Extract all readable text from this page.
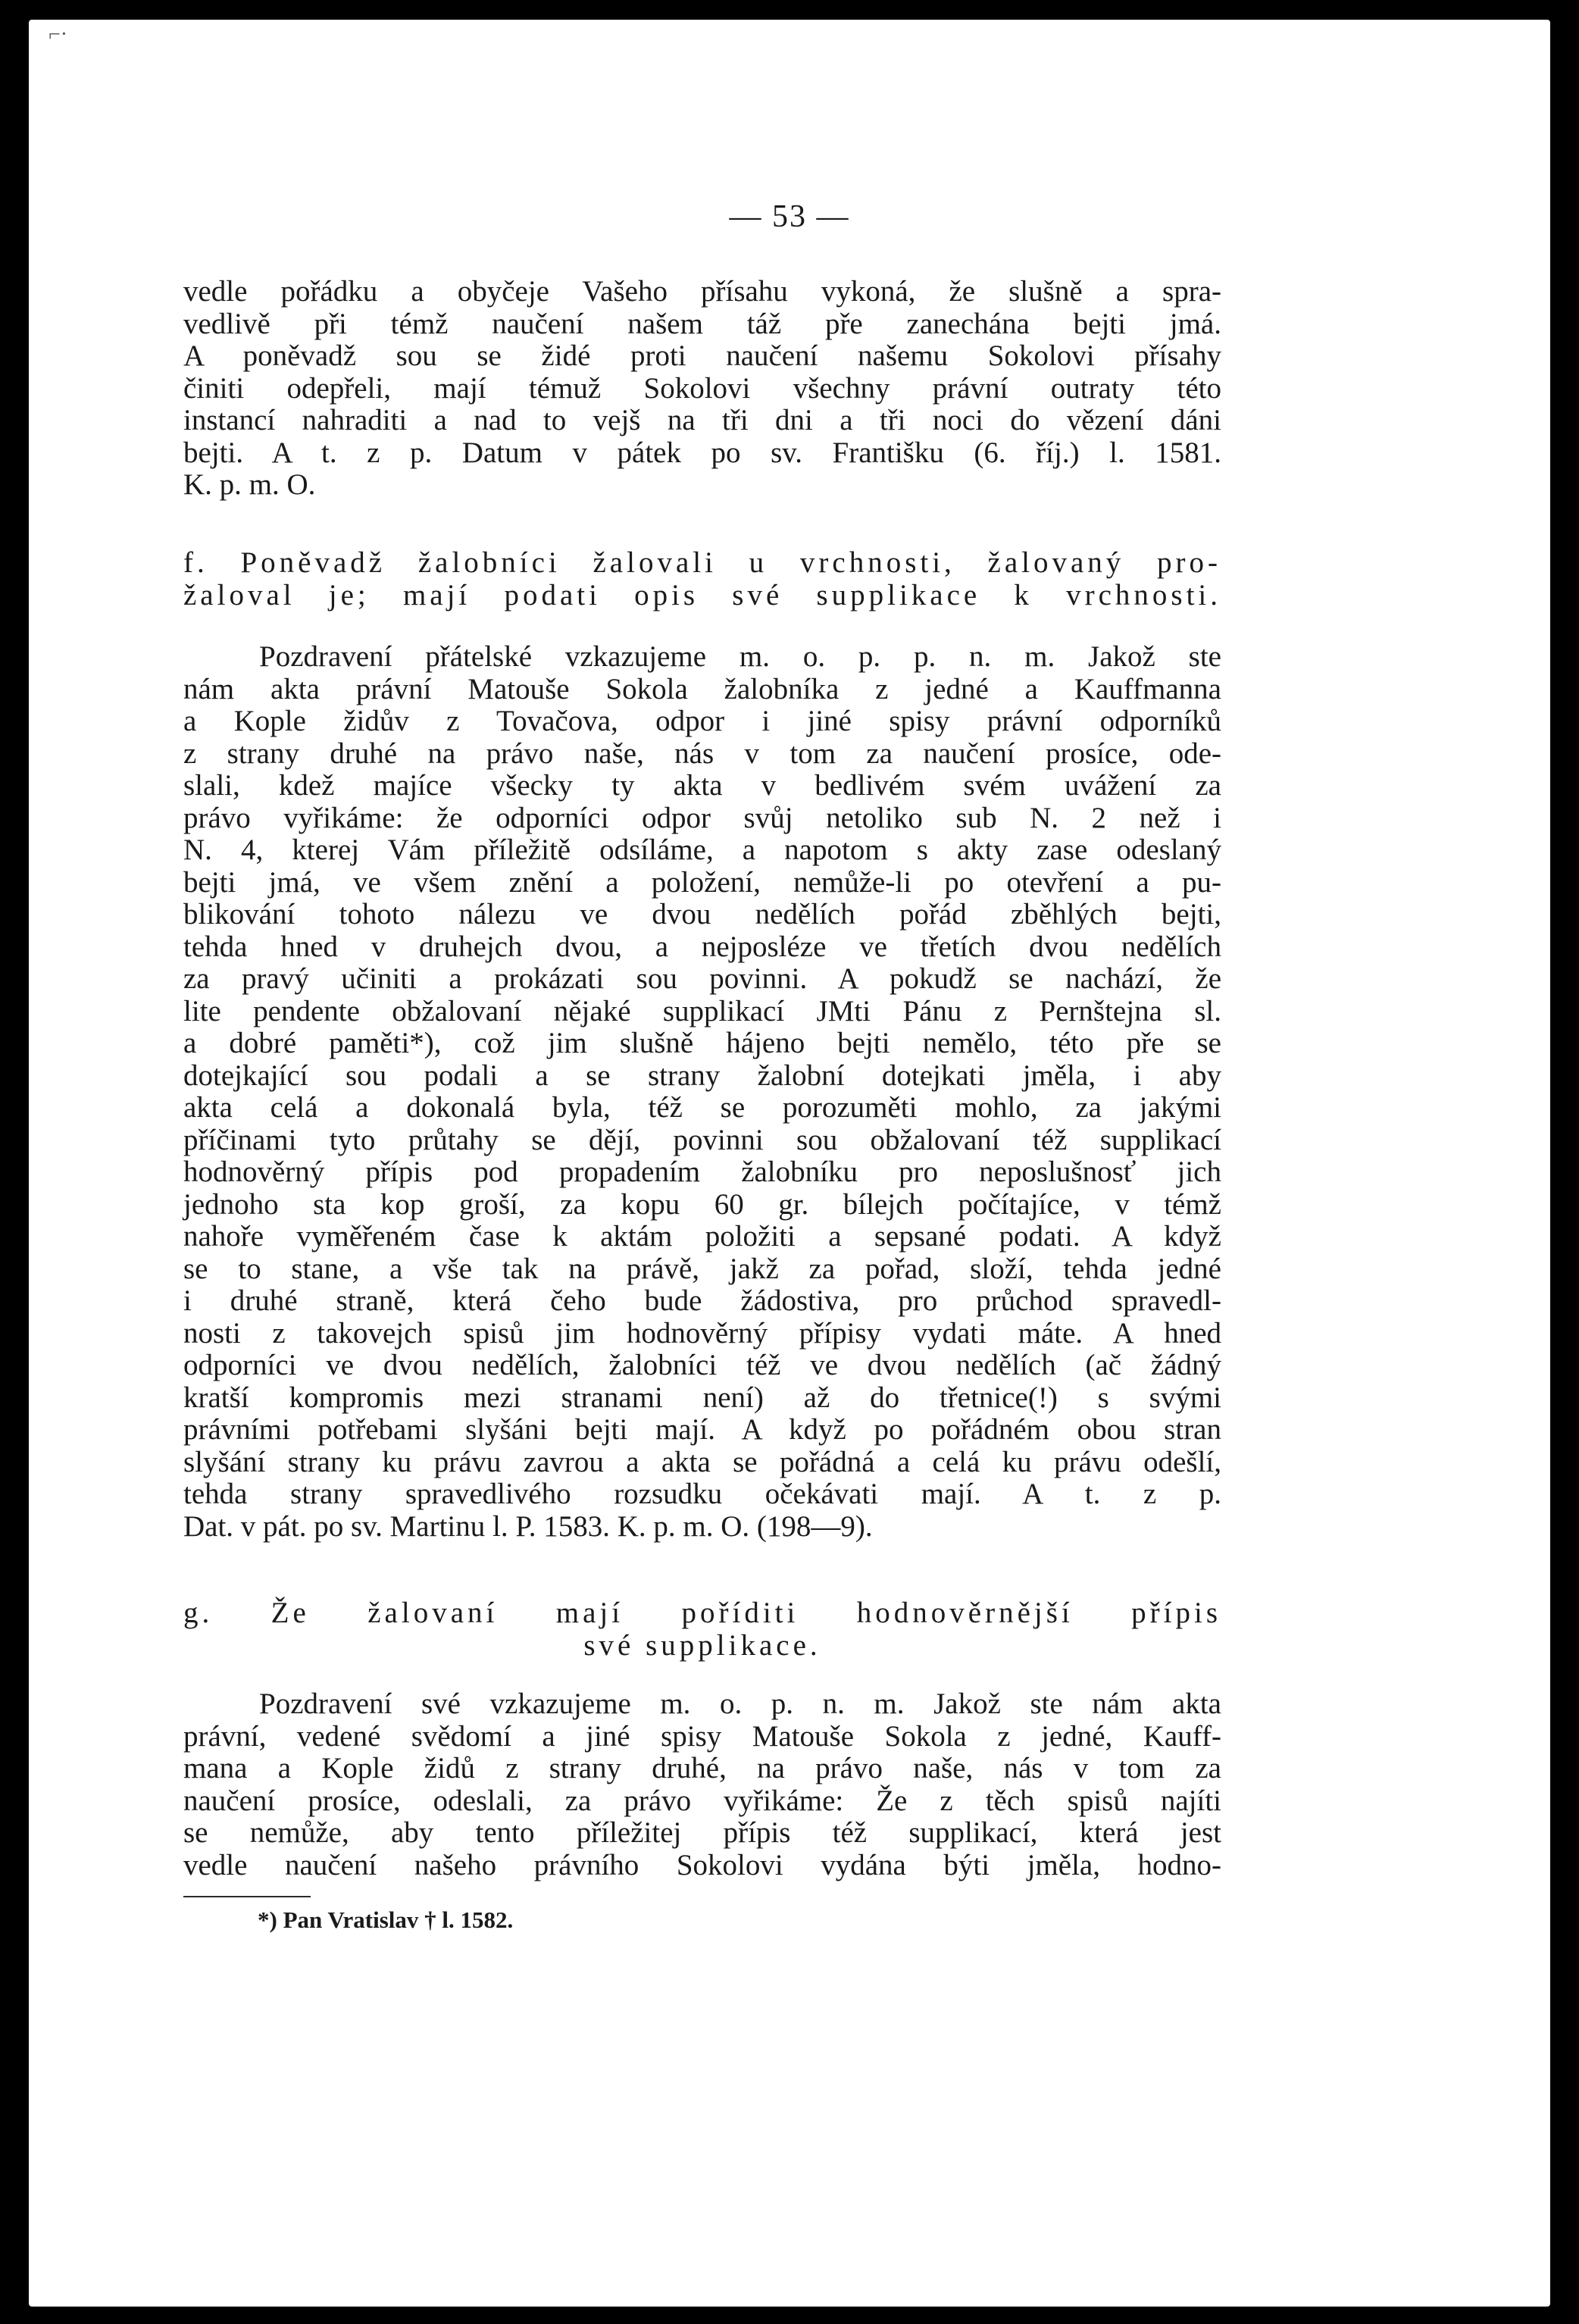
⌐·
— 53 —
vedle pořádku a obyčeje Vašeho přísahu vykoná, že slušně a spra-
vedlivě při témž naučení našem táž pře zanechána bejti jmá.
A poněvadž sou se židé proti naučení našemu Sokolovi přísahy
činiti odepřeli, mají témuž Sokolovi všechny právní outraty této
instancí nahraditi a nad to vejš na tři dni a tři noci do vězení dáni
bejti. A t. z p. Datum v pátek po sv. Františku (6. říj.) l. 1581.
K. p. m. O.
f. Poněvadž žalobníci žalovali u vrchnosti, žalovaný pro-
žaloval je; mají podati opis své supplikace k vrchnosti.
Pozdravení přátelské vzkazujeme m. o. p. p. n. m. Jakož ste
nám akta právní Matouše Sokola žalobníka z jedné a Kauffmanna
a Kople židův z Tovačova, odpor i jiné spisy právní odporníků
z strany druhé na právo naše, nás v tom za naučení prosíce, ode-
slali, kdež majíce všecky ty akta v bedlivém svém uvážení za
právo vyřikáme: že odporníci odpor svůj netoliko sub N. 2 než i
N. 4, kterej Vám příležitě odsíláme, a napotom s akty zase odeslaný
bejti jmá, ve všem znění a položení, nemůže-li po otevření a pu-
blikování tohoto nálezu ve dvou nedělích pořád zběhlých bejti,
tehda hned v druhejch dvou, a nejposléze ve třetích dvou nedělích
za pravý učiniti a prokázati sou povinni. A pokudž se nachází, že
lite pendente obžalovaní nějaké supplikací JMti Pánu z Pernštejna sl.
a dobré paměti*), což jim slušně hájeno bejti nemělo, této pře se
dotejkající sou podali a se strany žalobní dotejkati jměla, i aby
akta celá a dokonalá byla, též se porozuměti mohlo, za jakými
příčinami tyto průtahy se dějí, povinni sou obžalovaní též supplikací
hodnověrný přípis pod propadením žalobníku pro neposlušnosť jich
jednoho sta kop groší, za kopu 60 gr. bílejch počítajíce, v témž
nahoře vyměřeném čase k aktám položiti a sepsané podati. A když
se to stane, a vše tak na právě, jakž za pořad, složí, tehda jedné
i druhé straně, která čeho bude žádostiva, pro průchod spravedl-
nosti z takovejch spisů jim hodnověrný přípisy vydati máte. A hned
odporníci ve dvou nedělích, žalobníci též ve dvou nedělích (ač žádný
kratší kompromis mezi stranami není) až do třetnice(!) s svými
právními potřebami slyšáni bejti mají. A když po pořádném obou stran
slyšání strany ku právu zavrou a akta se pořádná a celá ku právu odešlí,
tehda strany spravedlivého rozsudku očekávati mají. A t. z p.
Dat. v pát. po sv. Martinu l. P. 1583. K. p. m. O. (198—9).
g. Že žalovaní mají poříditi hodnověrnější přípis
své supplikace.
Pozdravení své vzkazujeme m. o. p. n. m. Jakož ste nám akta
právní, vedené svědomí a jiné spisy Matouše Sokola z jedné, Kauff-
mana a Kople židů z strany druhé, na právo naše, nás v tom za
naučení prosíce, odeslali, za právo vyřikáme: Že z těch spisů najíti
se nemůže, aby tento příležitej přípis též supplikací, která jest
vedle naučení našeho právního Sokolovi vydána býti jměla, hodno-
*) Pan Vratislav † l. 1582.
